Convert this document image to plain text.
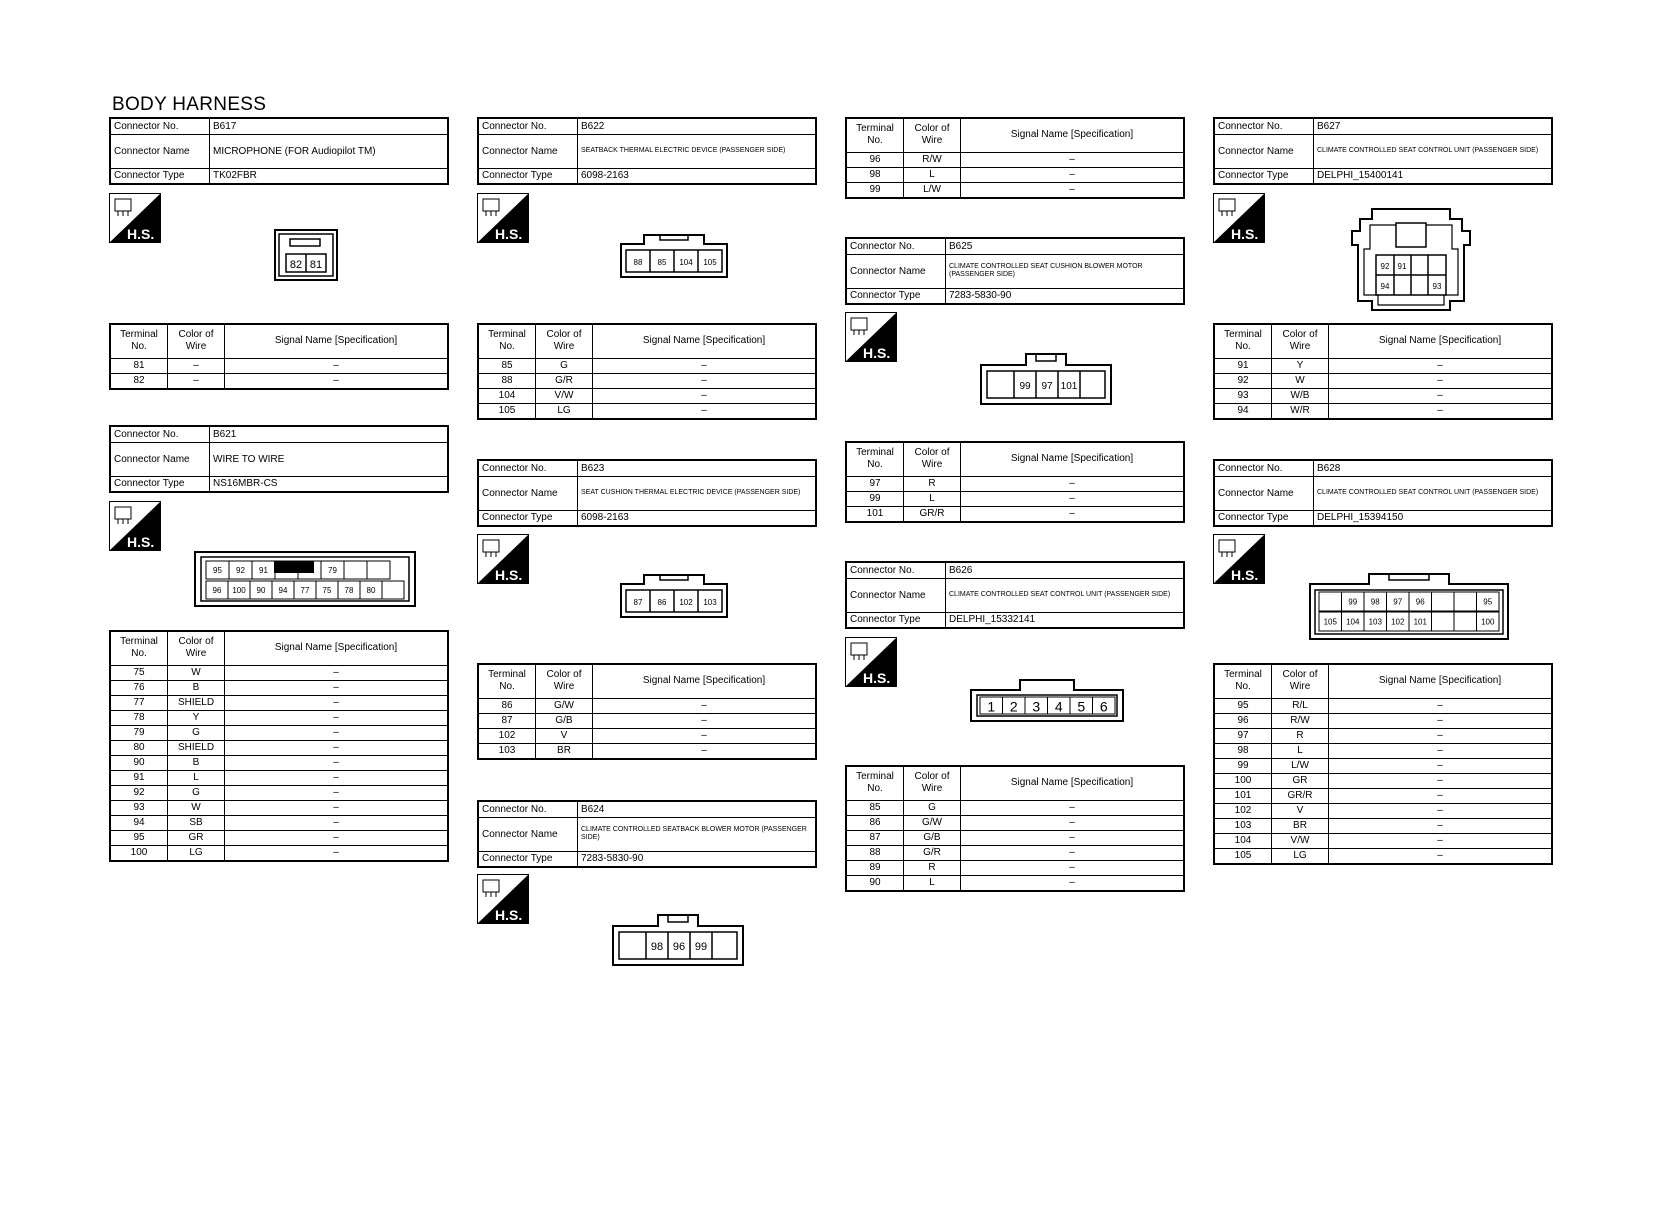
BODY HARNESS
Connector No.	B617
Connector Name	MICROPHONE (FOR Audiopilot TM)
Connector Type	TK02FBR
H.S.
82 81
Terminal No.	Color of Wire	Signal Name [Specification]
81	–	–
82	–	–
Connector No.	B621
Connector Name	WIRE TO WIRE
Connector Type	NS16MBR-CS
H.S.
95 92 91	79
96 100 90 94 77 75 78 80
Terminal No.	Color of Wire	Signal Name [Specification]
75	W	–
76	B	–
77	SHIELD	–
78	Y	–
79	G	–
80	SHIELD	–
90	B	–
91	L	–
92	G	–
93	W	–
94	SB	–
95	GR	–
100	LG	–
Connector No.	B622
Connector Name	SEATBACK THERMAL ELECTRIC DEVICE (PASSENGER SIDE)
Connector Type	6098-2163
H.S.
88 85 104 105
Terminal No.	Color of Wire	Signal Name [Specification]
85	G	–
88	G/R	–
104	V/W	–
105	LG	–
Connector No.	B623
Connector Name	SEAT CUSHION THERMAL ELECTRIC DEVICE (PASSENGER SIDE)
Connector Type	6098-2163
H.S.
87 86 102 103
Terminal No.	Color of Wire	Signal Name [Specification]
86	G/W	–
87	G/B	–
102	V	–
103	BR	–
Connector No.	B624
Connector Name	CLIMATE CONTROLLED SEATBACK BLOWER MOTOR (PASSENGER SIDE)
Connector Type	7283-5830-90
H.S.
98 96 99
Terminal No.	Color of Wire	Signal Name [Specification]
96	R/W	–
98	L	–
99	L/W	–
Connector No.	B625
Connector Name	CLIMATE CONTROLLED SEAT CUSHION BLOWER MOTOR (PASSENGER SIDE)
Connector Type	7283-5830-90
H.S.
99 97 101
Terminal No.	Color of Wire	Signal Name [Specification]
97	R	–
99	L	–
101	GR/R	–
Connector No.	B626
Connector Name	CLIMATE CONTROLLED SEAT CONTROL UNIT (PASSENGER SIDE)
Connector Type	DELPHI_15332141
H.S.
1 2 3 4 5 6
Terminal No.	Color of Wire	Signal Name [Specification]
85	G	–
86	G/W	–
87	G/B	–
88	G/R	–
89	R	–
90	L	–
Connector No.	B627
Connector Name	CLIMATE CONTROLLED SEAT CONTROL UNIT (PASSENGER SIDE)
Connector Type	DELPHI_15400141
H.S.
92 91
94	93
Terminal No.	Color of Wire	Signal Name [Specification]
91	Y	–
92	W	–
93	W/B	–
94	W/R	–
Connector No.	B628
Connector Name	CLIMATE CONTROLLED SEAT CONTROL UNIT (PASSENGER SIDE)
Connector Type	DELPHI_15394150
H.S.
99 98 97 96	95
105 104 103 102 101	100
Terminal No.	Color of Wire	Signal Name [Specification]
95	R/L	–
96	R/W	–
97	R	–
98	L	–
99	L/W	–
100	GR	–
101	GR/R	–
102	V	–
103	BR	–
104	V/W	–
105	LG	–
